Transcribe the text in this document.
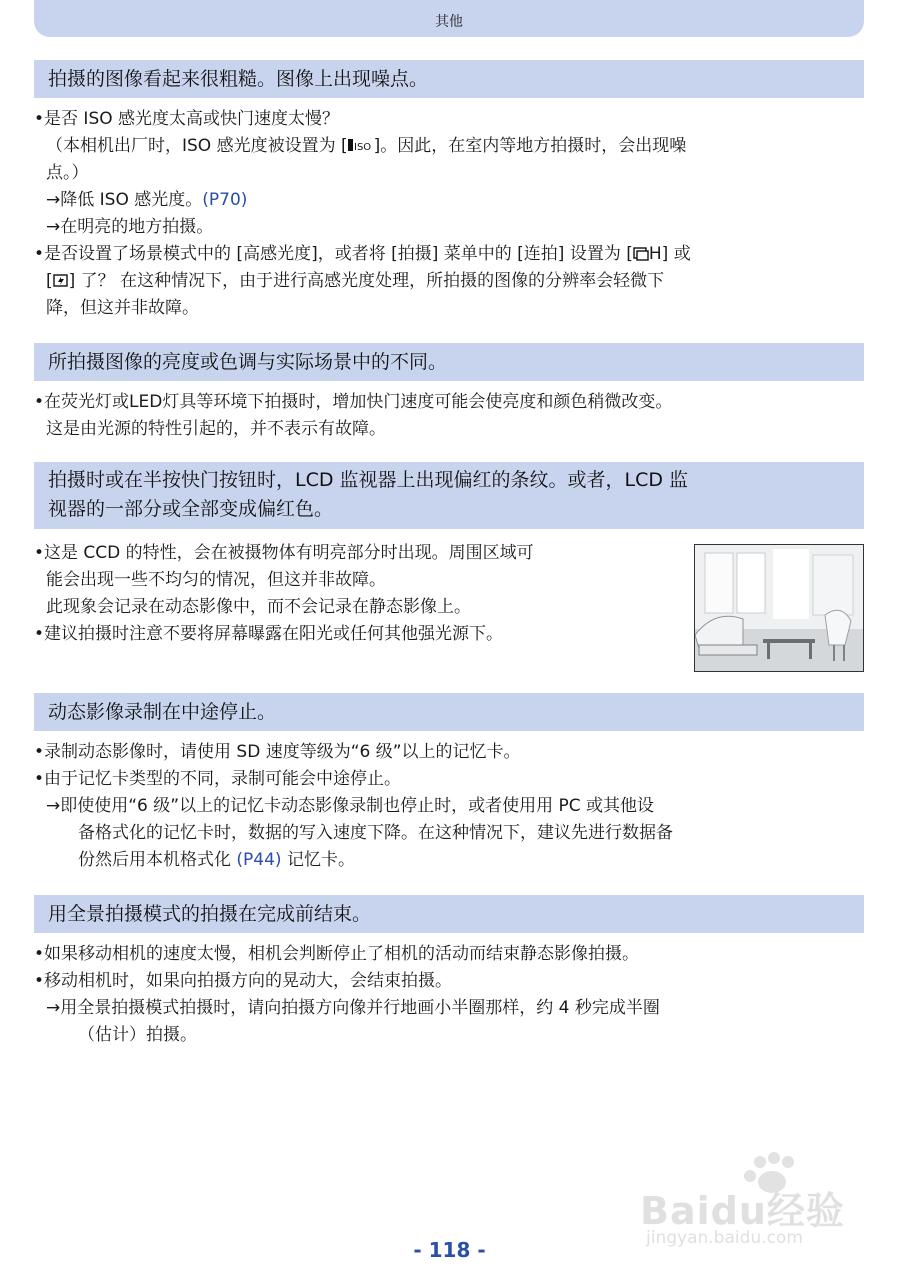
其他
拍摄的图像看起来很粗糙。图像上出现噪点。
•是否 ISO 感光度太高或快门速度太慢？
（本相机出厂时，ISO 感光度被设置为 [ ISO ]。因此，在室内等地方拍摄时，会出现噪
点。）
→降低 ISO 感光度。(P70)
→在明亮的地方拍摄。
•是否设置了场景模式中的 [高感光度]，或者将 [拍摄] 菜单中的 [连拍] 设置为 [ H] 或
[ ] 了？ 在这种情况下，由于进行高感光度处理，所拍摄的图像的分辨率会轻微下
降，但这并非故障。
所拍摄图像的亮度或色调与实际场景中的不同。
•在荧光灯或LED灯具等环境下拍摄时，增加快门速度可能会使亮度和颜色稍微改变。
这是由光源的特性引起的，并不表示有故障。
拍摄时或在半按快门按钮时，LCD 监视器上出现偏红的条纹。或者，LCD 监
视器的一部分或全部变成偏红色。
•这是 CCD 的特性，会在被摄物体有明亮部分时出现。周围区域可
能会出现一些不均匀的情况，但这并非故障。
此现象会记录在动态影像中，而不会记录在静态影像上。
•建议拍摄时注意不要将屏幕曝露在阳光或任何其他强光源下。
动态影像录制在中途停止。
•录制动态影像时，请使用 SD 速度等级为“6 级”以上的记忆卡。
•由于记忆卡类型的不同，录制可能会中途停止。
→即使使用“6 级”以上的记忆卡动态影像录制也停止时，或者使用用 PC 或其他设
备格式化的记忆卡时，数据的写入速度下降。在这种情况下，建议先进行数据备
份然后用本机格式化 (P44) 记忆卡。
用全景拍摄模式的拍摄在完成前结束。
•如果移动相机的速度太慢，相机会判断停止了相机的活动而结束静态影像拍摄。
•移动相机时，如果向拍摄方向的晃动大，会结束拍摄。
→用全景拍摄模式拍摄时，请向拍摄方向像并行地画小半圈那样，约 4 秒完成半圈
（估计）拍摄。
Baidu经验
jingyan.baidu.com
- 118 -
